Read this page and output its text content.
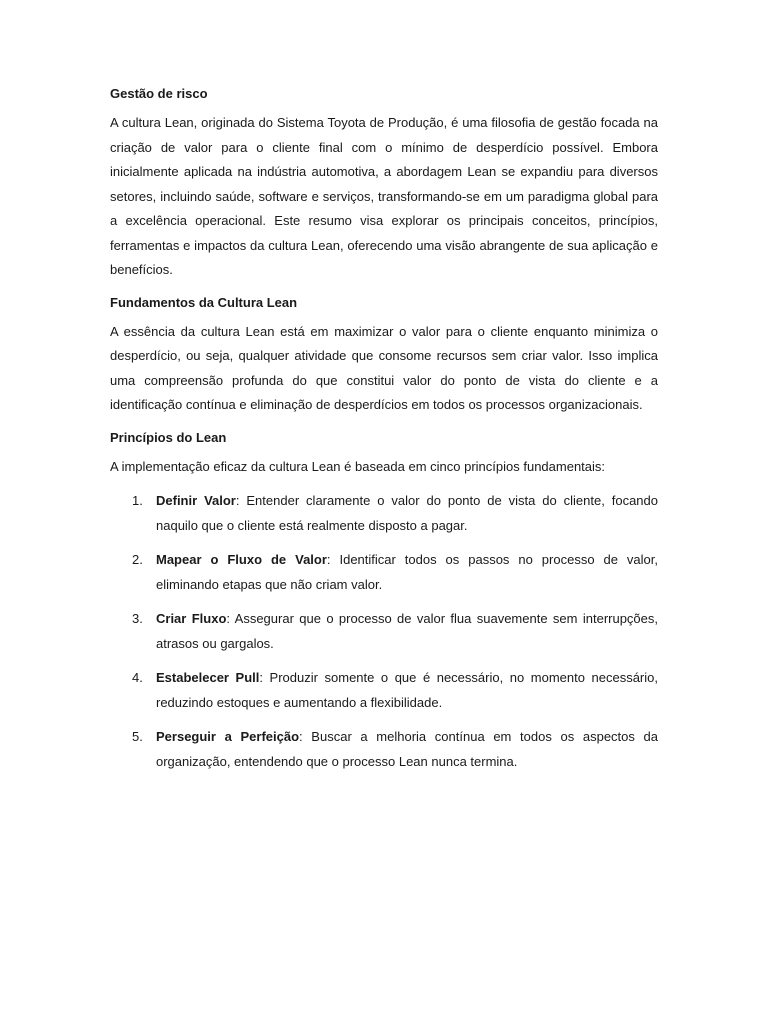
Gestão de risco

A cultura Lean, originada do Sistema Toyota de Produção, é uma filosofia de gestão focada na criação de valor para o cliente final com o mínimo de desperdício possível. Embora inicialmente aplicada na indústria automotiva, a abordagem Lean se expandiu para diversos setores, incluindo saúde, software e serviços, transformando-se em um paradigma global para a excelência operacional. Este resumo visa explorar os principais conceitos, princípios, ferramentas e impactos da cultura Lean, oferecendo uma visão abrangente de sua aplicação e benefícios.

Fundamentos da Cultura Lean

A essência da cultura Lean está em maximizar o valor para o cliente enquanto minimiza o desperdício, ou seja, qualquer atividade que consome recursos sem criar valor. Isso implica uma compreensão profunda do que constitui valor do ponto de vista do cliente e a identificação contínua e eliminação de desperdícios em todos os processos organizacionais.

Princípios do Lean

A implementação eficaz da cultura Lean é baseada em cinco princípios fundamentais:

1. Definir Valor: Entender claramente o valor do ponto de vista do cliente, focando naquilo que o cliente está realmente disposto a pagar.
2. Mapear o Fluxo de Valor: Identificar todos os passos no processo de valor, eliminando etapas que não criam valor.
3. Criar Fluxo: Assegurar que o processo de valor flua suavemente sem interrupções, atrasos ou gargalos.
4. Estabelecer Pull: Produzir somente o que é necessário, no momento necessário, reduzindo estoques e aumentando a flexibilidade.
5. Perseguir a Perfeição: Buscar a melhoria contínua em todos os aspectos da organização, entendendo que o processo Lean nunca termina.
